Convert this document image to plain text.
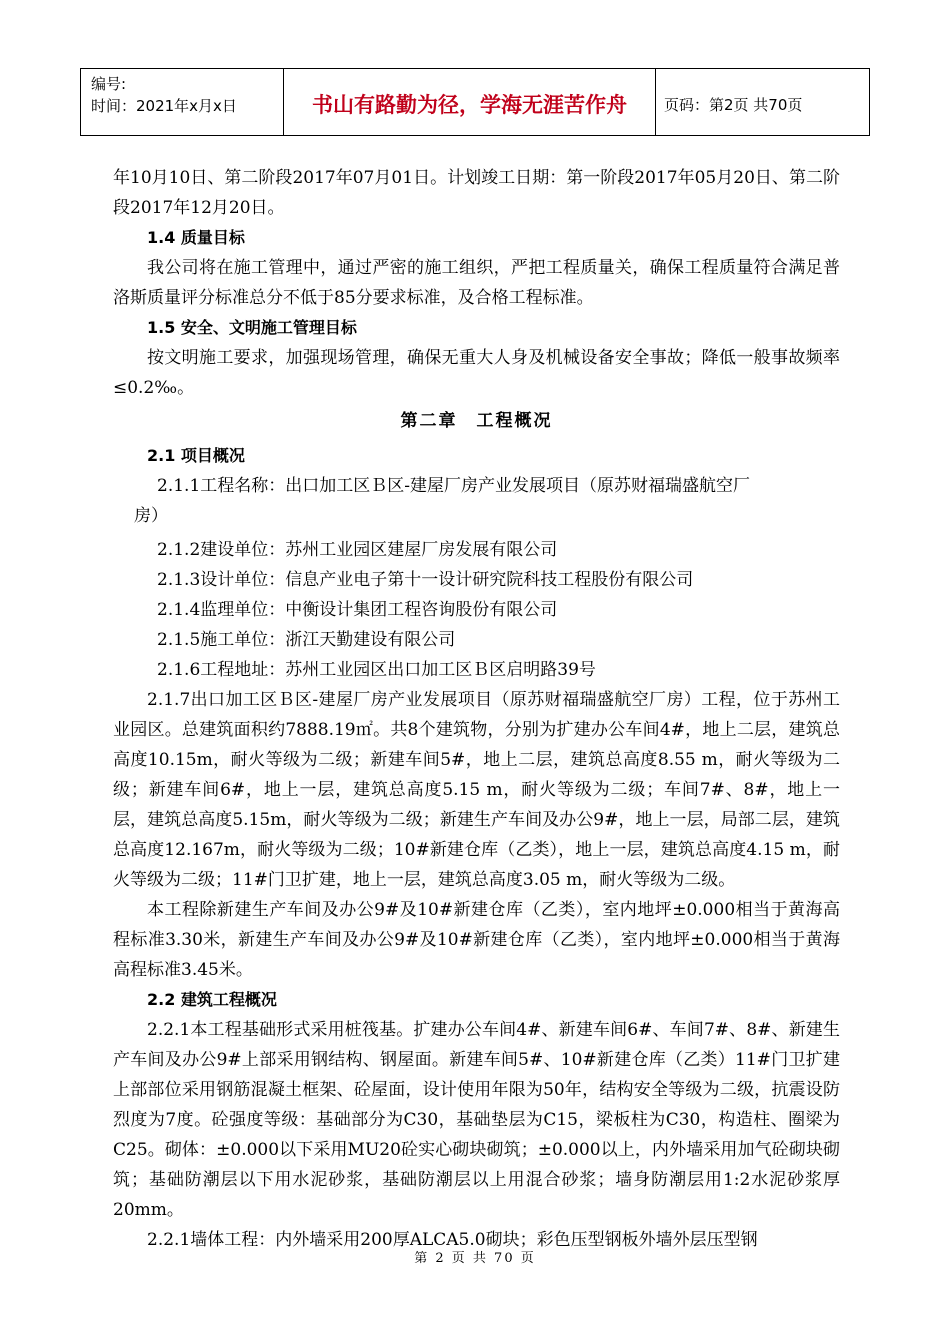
编号:
时间：2021年x月x日	书山有路勤为径，学海无涯苦作舟	页码：第2页 共70页

年10月10日、第二阶段2017年07月01日。计划竣工日期：第一阶段2017年05月20日、第二阶段2017年12月20日。

1.4 质量目标

我公司将在施工管理中，通过严密的施工组织，严把工程质量关，确保工程质量符合满足普洛斯质量评分标准总分不低于85分要求标准，及合格工程标准。

1.5 安全、文明施工管理目标

按文明施工要求，加强现场管理，确保无重大人身及机械设备安全事故；降低一般事故频率≤0.2‰。

第二章　工程概况

2.1 项目概况

2.1.1工程名称：出口加工区Ｂ区-建屋厂房产业发展项目（原苏财福瑞盛航空厂

房）

2.1.2建设单位：苏州工业园区建屋厂房发展有限公司

2.1.3设计单位：信息产业电子第十一设计研究院科技工程股份有限公司

2.1.4监理单位：中衡设计集团工程咨询股份有限公司

2.1.5施工单位：浙江天勤建设有限公司

2.1.6工程地址：苏州工业园区出口加工区Ｂ区启明路39号

2.1.7出口加工区Ｂ区-建屋厂房产业发展项目（原苏财福瑞盛航空厂房）工程，位于苏州工业园区。总建筑面积约7888.19㎡。共8个建筑物，分别为扩建办公车间4#，地上二层，建筑总高度10.15m，耐火等级为二级；新建车间5#，地上二层，建筑总高度8.55 m，耐火等级为二级；新建车间6#，地上一层，建筑总高度5.15 m，耐火等级为二级；车间7#、8#，地上一层，建筑总高度5.15m，耐火等级为二级；新建生产车间及办公9#，地上一层，局部二层，建筑总高度12.167m，耐火等级为二级；10#新建仓库（乙类），地上一层，建筑总高度4.15 m，耐火等级为二级；11#门卫扩建，地上一层，建筑总高度3.05 m，耐火等级为二级。

本工程除新建生产车间及办公9#及10#新建仓库（乙类），室内地坪±0.000相当于黄海高程标准3.30米，新建生产车间及办公9#及10#新建仓库（乙类），室内地坪±0.000相当于黄海高程标准3.45米。

2.2 建筑工程概况

2.2.1本工程基础形式采用桩筏基。扩建办公车间4#、新建车间6#、车间7#、8#、新建生产车间及办公9#上部采用钢结构、钢屋面。新建车间5#、10#新建仓库（乙类）11#门卫扩建上部部位采用钢筋混凝土框架、砼屋面，设计使用年限为50年，结构安全等级为二级，抗震设防烈度为7度。砼强度等级：基础部分为C30，基础垫层为C15，梁板柱为C30，构造柱、圈梁为C25。砌体：±0.000以下采用MU20砼实心砌块砌筑；±0.000以上，内外墙采用加气砼砌块砌筑；基础防潮层以下用水泥砂浆，基础防潮层以上用混合砂浆；墙身防潮层用1:2水泥砂浆厚20mm。

2.2.1墙体工程：内外墙采用200厚ALCA5.0砌块；彩色压型钢板外墙外层压型钢

第 2 页 共 70 页
